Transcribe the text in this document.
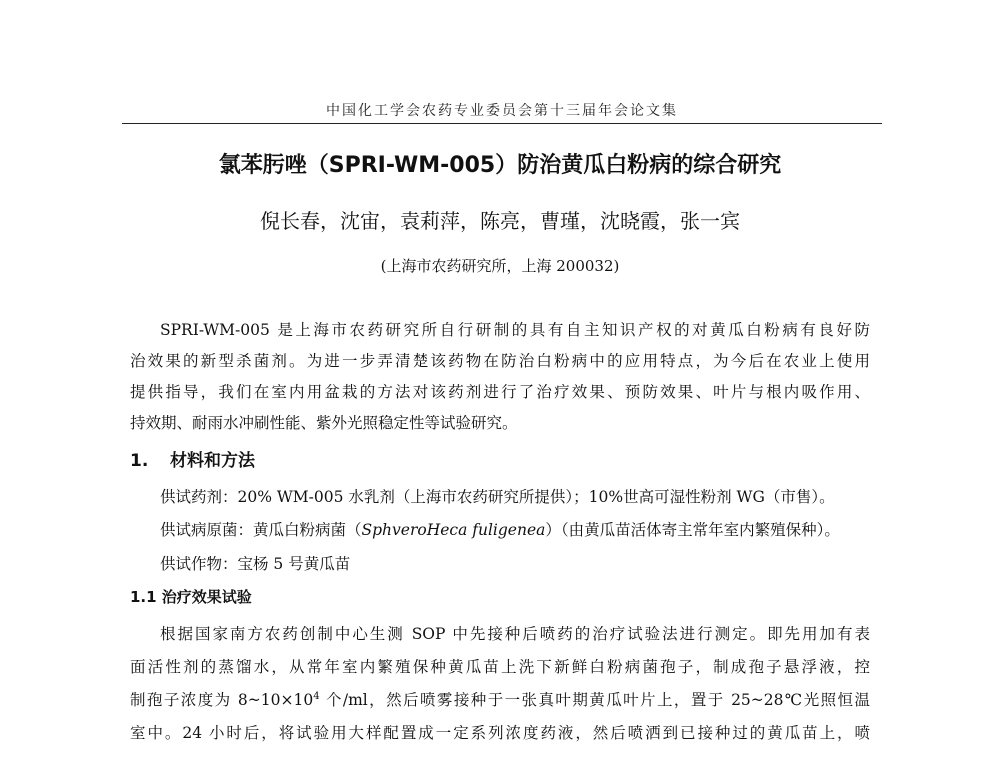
中国化工学会农药专业委员会第十三届年会论文集
氯苯肟唑（SPRI-WM-005）防治黄瓜白粉病的综合研究
倪长春，沈宙，袁莉萍，陈亮，曹瑾，沈晓霞，张一宾
(上海市农药研究所，上海 200032)
SPRI-WM-005 是上海市农药研究所自行研制的具有自主知识产权的对黄瓜白粉病有良好防
治效果的新型杀菌剂。为进一步弄清楚该药物在防治白粉病中的应用特点，为今后在农业上使用
提供指导，我们在室内用盆栽的方法对该药剂进行了治疗效果、预防效果、叶片与根内吸作用、
持效期、耐雨水冲刷性能、紫外光照稳定性等试验研究。
1. 材料和方法
供试药剂：20% WM-005 水乳剂（上海市农药研究所提供）；10%世高可湿性粉剂 WG（市售）。
供试病原菌：黄瓜白粉病菌（SphveroHeca fuligenea）（由黄瓜苗活体寄主常年室内繁殖保种）。
供试作物：宝杨 5 号黄瓜苗
1.1 治疗效果试验
根据国家南方农药创制中心生测 SOP 中先接种后喷药的治疗试验法进行测定。即先用加有表
面活性剂的蒸馏水，从常年室内繁殖保种黄瓜苗上洗下新鲜白粉病菌孢子，制成孢子悬浮液，控
制孢子浓度为 $8\sim 10\times 10^4$ 个/ml，然后喷雾接种于一张真叶期黄瓜叶片上，置于 25~28℃光照恒温
室中。24 小时后，将试验用大样配置成一定系列浓度药液，然后喷洒到已接种过的黄瓜苗上，喷
